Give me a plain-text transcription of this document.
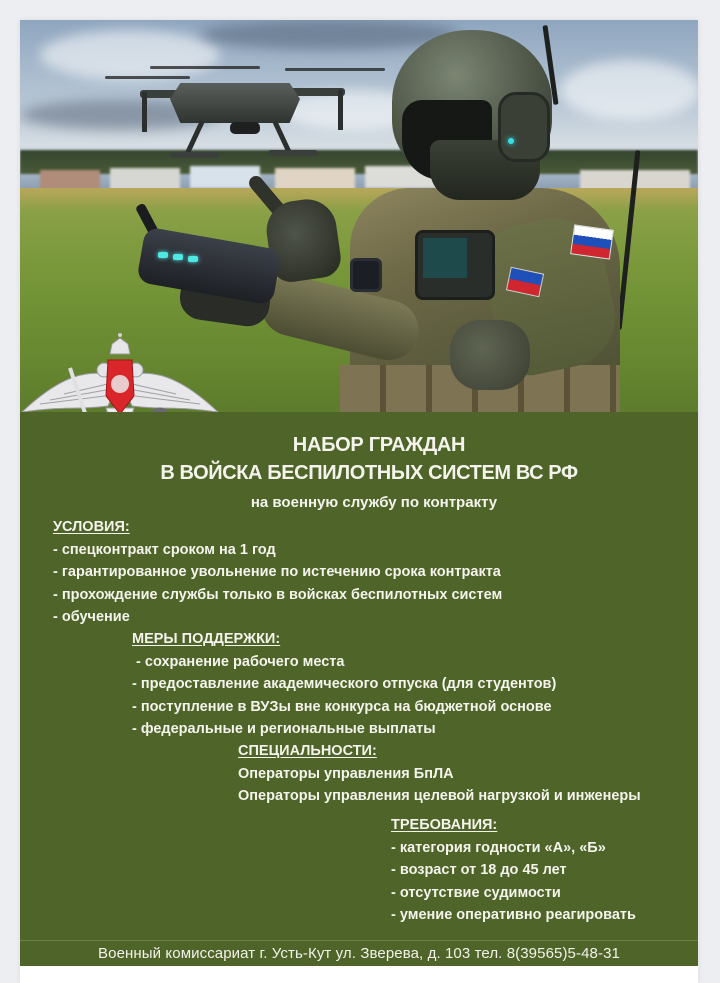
НАБОР ГРАЖДАН
В ВОЙСКА БЕСПИЛОТНЫХ СИСТЕМ ВС РФ
на военную службу по контракту
УСЛОВИЯ:
- спецконтракт сроком на 1 год
- гарантированное увольнение по истечению срока контракта
- прохождение службы только в войсках беспилотных систем
- обучение
МЕРЫ ПОДДЕРЖКИ:
- сохранение рабочего места
- предоставление академического отпуска (для студентов)
- поступление в ВУЗы вне конкурса на бюджетной основе
- федеральные и региональные выплаты
СПЕЦИАЛЬНОСТИ:
Операторы управления БпЛА
Операторы управления целевой нагрузкой и инженеры
ТРЕБОВАНИЯ:
- категория годности «А», «Б»
- возраст от 18 до 45 лет
- отсутствие судимости
- умение оперативно реагировать
Военный комиссариат г. Усть-Кут ул. Зверева, д. 103 тел. 8(39565)5-48-31
